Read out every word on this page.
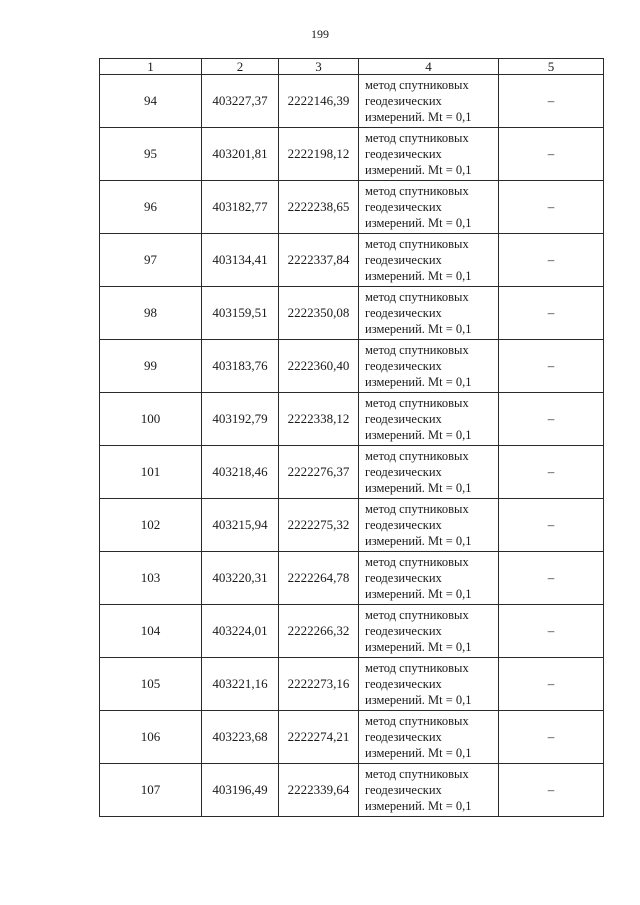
199
1	2	3	4	5
94	403227,37	2222146,39	метод спутниковых
геодезических
измерений. Mt = 0,1	–
95	403201,81	2222198,12	метод спутниковых
геодезических
измерений. Mt = 0,1	–
96	403182,77	2222238,65	метод спутниковых
геодезических
измерений. Mt = 0,1	–
97	403134,41	2222337,84	метод спутниковых
геодезических
измерений. Mt = 0,1	–
98	403159,51	2222350,08	метод спутниковых
геодезических
измерений. Mt = 0,1	–
99	403183,76	2222360,40	метод спутниковых
геодезических
измерений. Mt = 0,1	–
100	403192,79	2222338,12	метод спутниковых
геодезических
измерений. Mt = 0,1	–
101	403218,46	2222276,37	метод спутниковых
геодезических
измерений. Mt = 0,1	–
102	403215,94	2222275,32	метод спутниковых
геодезических
измерений. Mt = 0,1	–
103	403220,31	2222264,78	метод спутниковых
геодезических
измерений. Mt = 0,1	–
104	403224,01	2222266,32	метод спутниковых
геодезических
измерений. Mt = 0,1	–
105	403221,16	2222273,16	метод спутниковых
геодезических
измерений. Mt = 0,1	–
106	403223,68	2222274,21	метод спутниковых
геодезических
измерений. Mt = 0,1	–
107	403196,49	2222339,64	метод спутниковых
геодезических
измерений. Mt = 0,1	–
